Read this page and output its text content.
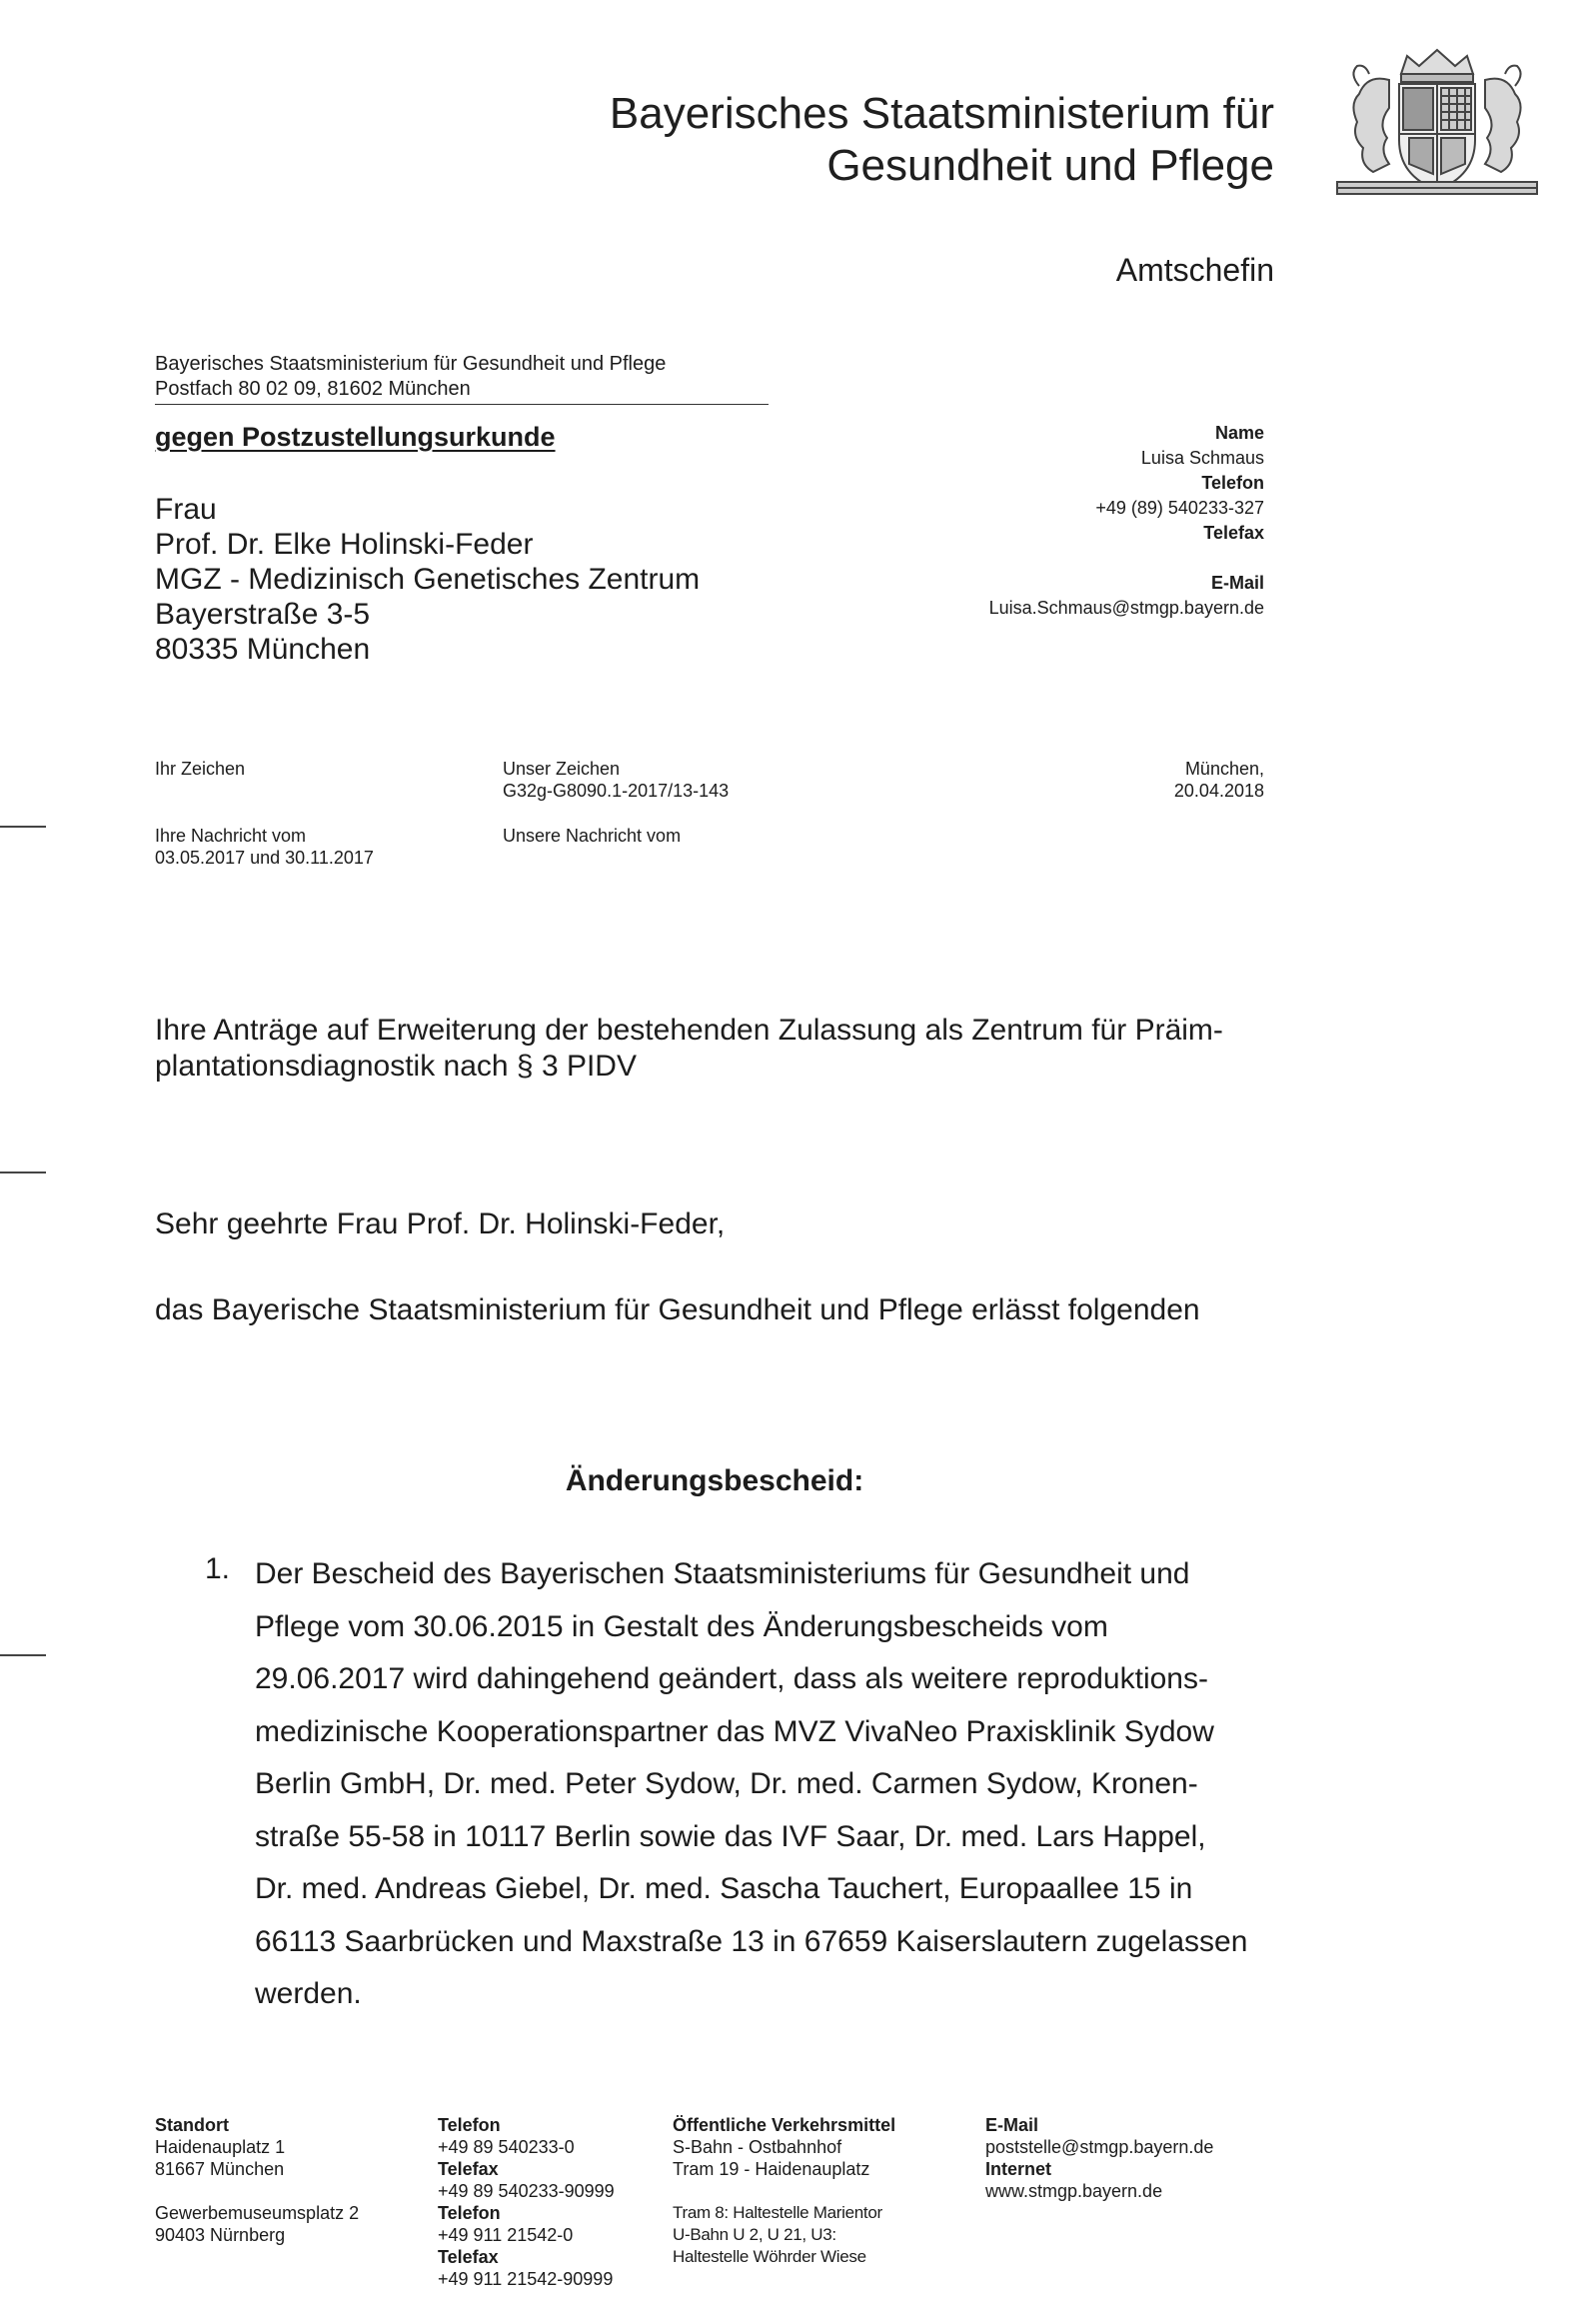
Bayerisches Staatsministerium für
Gesundheit und Pflege
Amtschefin
Bayerisches Staatsministerium für Gesundheit und Pflege
Postfach 80 02 09, 81602 München
gegen Postzustellungsurkunde
Frau
Prof. Dr. Elke Holinski-Feder
MGZ - Medizinisch Genetisches Zentrum
Bayerstraße 3-5
80335 München
Name
Luisa Schmaus
Telefon
+49 (89) 540233-327
Telefax
E-Mail
Luisa.Schmaus@stmgp.bayern.de
Ihr Zeichen	Unser Zeichen
G32g-G8090.1-2017/13-143
München,
20.04.2018
Ihre Nachricht vom
03.05.2017 und 30.11.2017
Unsere Nachricht vom
Ihre Anträge auf Erweiterung der bestehenden Zulassung als Zentrum für Präim-
plantationsdiagnostik nach § 3 PIDV
Sehr geehrte Frau Prof. Dr. Holinski-Feder,
das Bayerische Staatsministerium für Gesundheit und Pflege erlässt folgenden
Änderungsbescheid:
1. Der Bescheid des Bayerischen Staatsministeriums für Gesundheit und
Pflege vom 30.06.2015 in Gestalt des Änderungsbescheids vom
29.06.2017 wird dahingehend geändert, dass als weitere reproduktions-
medizinische Kooperationspartner das MVZ VivaNeo Praxisklinik Sydow
Berlin GmbH, Dr. med. Peter Sydow, Dr. med. Carmen Sydow, Kronen-
straße 55-58 in 10117 Berlin sowie das IVF Saar, Dr. med. Lars Happel,
Dr. med. Andreas Giebel, Dr. med. Sascha Tauchert, Europaallee 15 in
66113 Saarbrücken und Maxstraße 13 in 67659 Kaiserslautern zugelassen
werden.
Standort
Haidenauplatz 1
81667 München
Gewerbemuseumsplatz 2
90403 Nürnberg
Telefon
+49 89 540233-0
Telefax
+49 89 540233-90999
Telefon
+49 911 21542-0
Telefax
+49 911 21542-90999
Öffentliche Verkehrsmittel
S-Bahn - Ostbahnhof
Tram 19 - Haidenauplatz
Tram 8: Haltestelle Marientor
U-Bahn U 2, U 21, U3:
Haltestelle Wöhrder Wiese
E-Mail
poststelle@stmgp.bayern.de
Internet
www.stmgp.bayern.de
